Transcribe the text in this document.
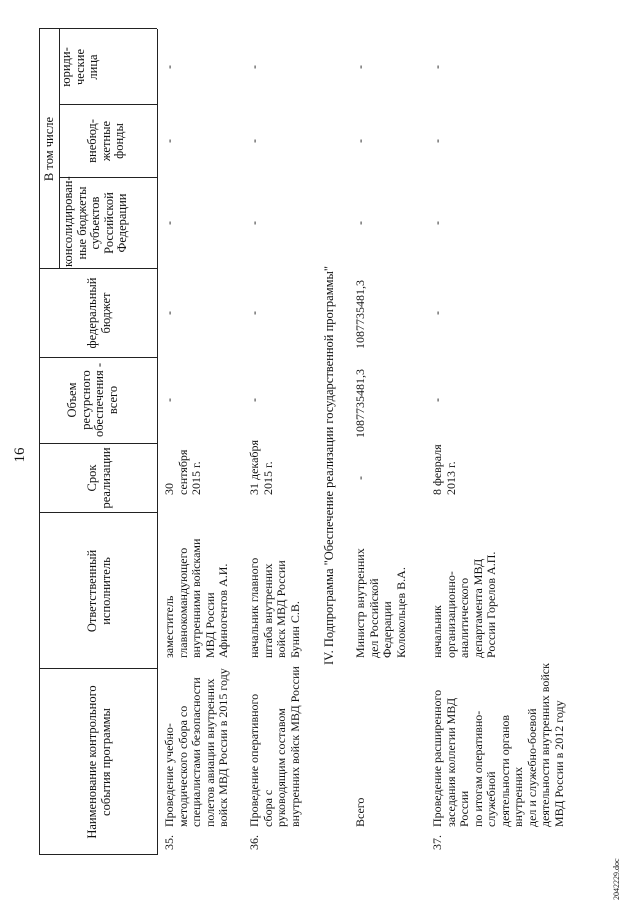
16
Наименование контрольного
события программы
Ответственный
исполнитель
Срок
реализации
Объем
ресурсного
обеспечения -
всего
федеральный
бюджет
В том числе
консолидирован-
ные бюджеты
субъектов
Российской
Федерации
внебюд-
жетные
фонды
юриди-
ческие
лица
35.
Проведение учебно-
методического сбора со
специалистами безопасности
полетов авиации внутренних
войск МВД России в 2015 году
заместитель
главнокомандующего
внутренними войсками
МВД России
Афиногентов А.И.
30 сентября
2015 г.
-
-
-
-
-
36.
Проведение оперативного сбора с
руководящим составом
внутренних войск МВД России
начальник главного
штаба внутренних
войск МВД России
Бунин С.В.
31 декабря
2015 г.
-
-
-
-
-
IV. Подпрограмма "Обеспечение реализации государственной программы"
Всего
Министр внутренних
дел Российской
Федерации
Колокольцев В.А.
-
1087735481,3
1087735481,3
-
-
-
37.
Проведение расширенного
заседания коллегии МВД России
по итогам оперативно-служебной
деятельности органов внутренних
дел и служебно-боевой
деятельности внутренних войск
МВД России в 2012 году
начальник
организационно-
аналитического
департамента МВД
России Горелов А.П.
8 февраля
2013 г.
-
-
-
-
-
2042229.doc
